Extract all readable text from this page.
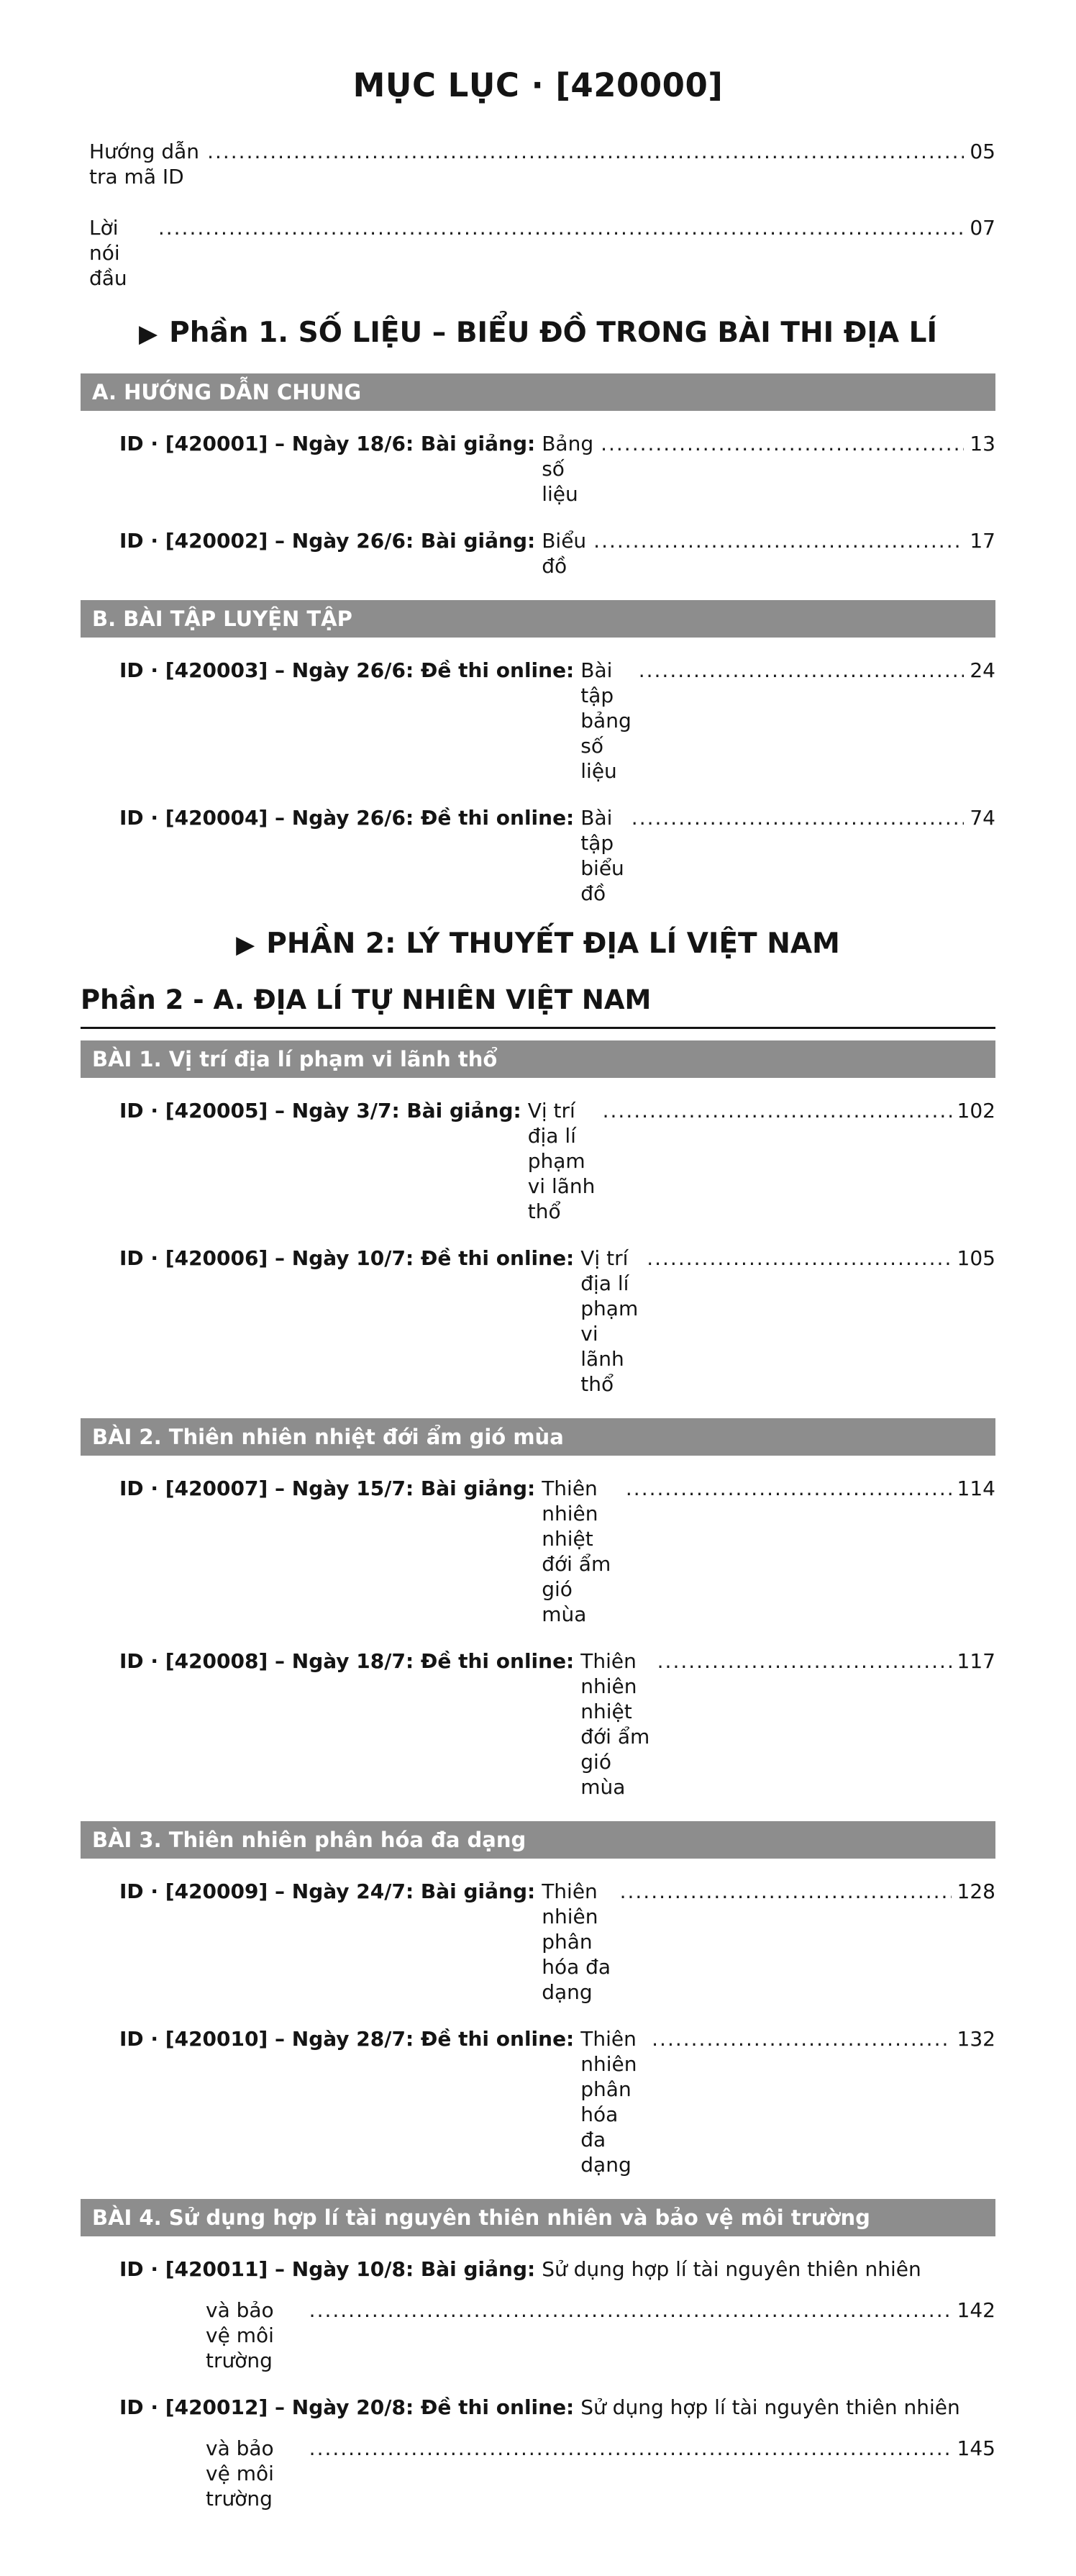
MỤC LỤC · [420000]
Hướng dẫn tra mã ID
.....
05
Lời nói đầu
.....
07
▶ Phần 1. SỐ LIỆU – BIỂU ĐỒ TRONG BÀI THI ĐỊA LÍ
A. HƯỚNG DẪN CHUNG
ID · [420001] – Ngày 18/6: Bài giảng: Bảng số liệu
.....
13
ID · [420002] – Ngày 26/6: Bài giảng: Biểu đồ
.....
17
B. BÀI TẬP LUYỆN TẬP
ID · [420003] – Ngày 26/6: Đề thi online: Bài tập bảng số liệu
.....
24
ID · [420004] – Ngày 26/6: Đề thi online: Bài tập biểu đồ
.....
74
▶ PHẦN 2: LÝ THUYẾT ĐỊA LÍ VIỆT NAM
Phần 2 - A. ĐỊA LÍ TỰ NHIÊN VIỆT NAM
BÀI 1. Vị trí địa lí phạm vi lãnh thổ
ID · [420005] – Ngày 3/7: Bài giảng: Vị trí địa lí phạm vi lãnh thổ
.....
102
ID · [420006] – Ngày 10/7: Đề thi online: Vị trí địa lí phạm vi lãnh thổ
.....
105
BÀI 2. Thiên nhiên nhiệt đới ẩm gió mùa
ID · [420007] – Ngày 15/7: Bài giảng: Thiên nhiên nhiệt đới ẩm gió mùa
.....
114
ID · [420008] – Ngày 18/7: Đề thi online: Thiên nhiên nhiệt đới ẩm gió mùa
.....
117
BÀI 3. Thiên nhiên phân hóa đa dạng
ID · [420009] – Ngày 24/7: Bài giảng: Thiên nhiên phân hóa đa dạng
.....
128
ID · [420010] – Ngày 28/7: Đề thi online: Thiên nhiên phân hóa đa dạng
.....
132
BÀI 4. Sử dụng hợp lí tài nguyên thiên nhiên và bảo vệ môi trường
ID · [420011] – Ngày 10/8: Bài giảng: Sử dụng hợp lí tài nguyên thiên nhiên
và bảo vệ môi trường
.....
142
ID · [420012] – Ngày 20/8: Đề thi online: Sử dụng hợp lí tài nguyên thiên nhiên
và bảo vệ môi trường
.....
145
